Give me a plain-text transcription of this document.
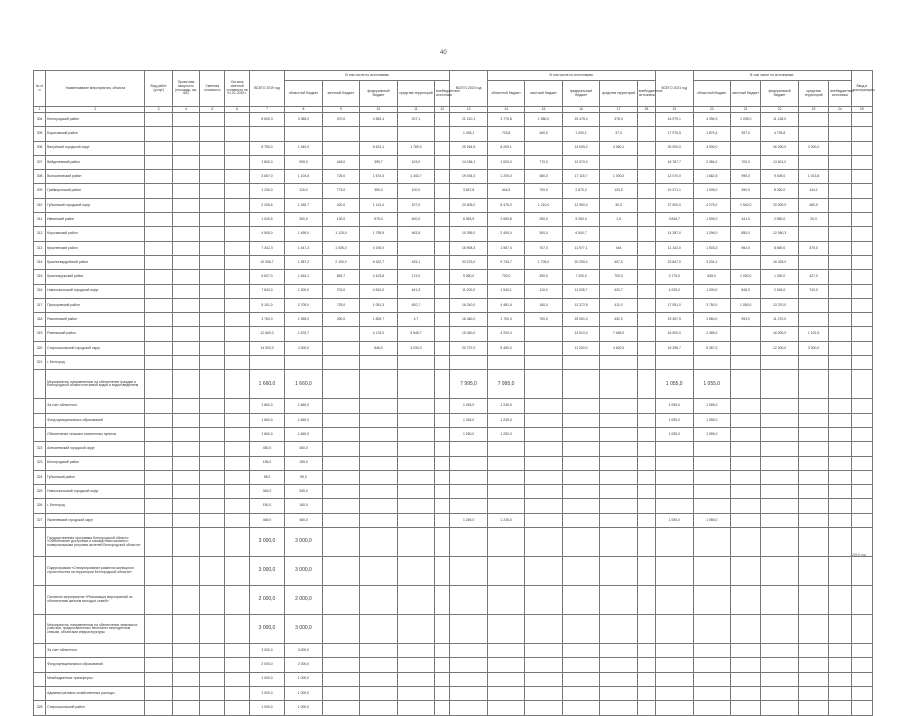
40
№ п/п	Наименование мероприятия, объекта	Вид работ (услуг)	Проектная мощность (площадь, км, м2)	Сметная стоимость	Остаток сметной стоимости на 01.01.2019 г.	ВСЕГО 2019 год	В том числе по источникам:					ВСЕГО 2020 год	В том числе по источникам:					ВСЕГО 2021 год	В том числе по источникам:					Ввод в эксплуатацию
							областной бюджет	местный бюджет	федеральный бюджет	средства территорий	внебюджетные источники		областной бюджет	местный бюджет	федеральный бюджет	средства территорий	внебюджетные источники		областной бюджет	местный бюджет	федеральный бюджет	средства территорий	внебюджетные источники	
1	2	3	4	5	6	7	8	9	10	11	12	13	14	15	16	17	18	19	20	21	22	23	24	25
304	Белгородский район					8 605,3	3 385,0	470,0	4 583,4	207,1		21 210,1	3 775,8	1 580,0	15 476,4	378,0		16 979,1	4 396,3	1 005,0	11 138,0			
305	Борисовский район											1 435,1	703,8	450,0	1 000,1	37,0		17 975,5	1 875,4	357,0	4 735,8			
306	Валуйский городской округ					8 750,0	1 340,0		5 631,1	1 769,0		25 264,5	8 209,1		14 005,2	3 060,1		30 000,0	3 000,0		26 000,0	2 000,0		
307	Вейделевский район					1 800,0	905,0	445,0	395,7	103,0		14 186,1	1 000,0	770,0	12 070,0			16 787,7	2 384,0	700,0	13 601,0			
308	Волоконовский район					3 657,0	1 104,6	725,0	1 574,3	1 343,7		19 034,0	1 205,0	480,0	17 115,7	1 000,0		12 070,0	1 862,5	995,0	9 405,0	1 013,8		
309	Грайворонский район					1 230,0	115,0	775,0	350,0	100,0		3 647,8	444,5	700,0	2 870,2	133,0		10 471,1	1 005,0	490,0	8 260,0	144,1		
310	Губкинский городской округ					2 205,6	1 185,7	420,0	1 113,4	107,0		20 505,0	6 475,0	1 210,0	12 990,0	30,0		27 000,0	4 275,0	1 540,0	20 000,0	460,0		
311	Ивнянский район					1 040,5	300,0	130,0	575,4	400,0		8 353,5	2 650,8	250,0	5 250,0	1,5		3 846,7	1 905,0	441,0	2 550,0	20,0		
312	Корочанский район					4 505,0	1 499,0	1 125,0	1 795,5	463,5		10 395,0	2 405,0	300,0	6 540,7			14 287,0	1 296,0	850,0	12 060,3			
313	Красненский район					7 342,3	1 447,3	1 005,0	4 190,0			16 908,3	1 557,0	707,0	11 977,1	444		11 142,0	1 503,3	964,0	8 650,0	375,0		
314	Красногвардейский район					10 306,7	1 387,2	2 190,0	6 322,7	425,1		33 075,0	9 743,7	1 705,0	20 255,0	407,0		23 847,0	3 204,1		16 325,0			
315	Краснояружский район					6 607,0	1 464,1	862,7	4 103,8	172,0		9 050,0	700,0	390,0	7 200,0	700,0		3 775,0	845,0	1 000,0	1 330,0	427,0		
316	Новооскольский городской округ					7 843,0	1 300,0	702,0	4 810,0	441,3		11 200,0	1 540,1	110,0	11 025,7	420,7		4 225,0	1 000,0	846,0	2 045,0	740,0		
317	Прохоровский район					5 101,0	2 705,0	725,0	1 051,3	620,7		16 240,0	4 481,6	150,0	12 372,5	411,0		17 051,0	3 750,0	1 050,0	13 370,0			
318	Ракитянский район					3 760,0	1 355,0	250,0	1 805,7	4,7		16 460,0	1 700,0	700,0	15 051,0	432,0		15 457,5	1 560,0	993,0	11 270,0			
319	Ровеньский район					12 660,0	1 676,7		4 176,0	5 545,7		15 460,0	4 200,0		14 510,0	7 465,0		16 000,0	2 485,0		16 000,0	1 102,5		
320	Старооскольский городской округ					14 003,0	4 300,0		546,0	3 034,0		20 707,0	5 450,0		11 200,0	4 620,0		16 296,7	5 357,0		12 000,0	3 300,0		
321	г. Белгород																							
	Мероприятия, направленные на обеспечение граждан в Белгородской области питьевой водой и водоотведением					1 660,0	1 660,0					7 995,0	7 995,0					1 055,0	1 055,0					
	За счет областного					1 660,0	1 660,0					1 245,0	1 245,0					1 055,0	1 055,0					
	Фонд муниципальных образований					1 660,0	1 660,0					1 245,0	1 245,0					1 055,0	1 055,0					
	Обеспечение сельских населенных пунктов					1 660,0	1 660,0					1 250,0	1 250,0					1 055,0	1 055,0					
322	Алексеевский городской округ					450,0	450,0																	
323	Белгородский район					155,0	155,0																	
324	Губкинский район					95,0	95,0																	
325	Новооскольский городской округ					345,0	345,0																	
326	г. Белгород					150,0	150,0																	
327	Яковлевский городской округ					465,0	465,0					1 245,0	1 245,0					1 055,0	1 055,0					
	Государственная программа Белгородской области «Обеспечение доступным и комфортным жильем и коммунальными услугами жителей Белгородской области»					3 000,0	3 000,0																	
	Подпрограмма «Стимулирование развития жилищного строительства на территории Белгородской области»					3 000,0	3 000,0																	
	Основное мероприятие «Реализация мероприятий по обеспечению жильем молодых семей»					2 000,0	2 000,0																	
	Мероприятия, направленные на обеспечение земельных участков, предоставленных бесплатно многодетным семьям, объектами инфраструктуры					3 000,0	3 000,0																	
	За счет областного					3 000,0	3 000,0																	
	Фонд муниципальных образований					2 000,0	2 000,0																	
	Межбюджетные трансферты					1 000,0	1 000,0																	
	Административно-хозяйственные расходы					1 000,0	1 000,0																	
328	Старооскольский район					1 000,0	1 000,0																	
2019 год
